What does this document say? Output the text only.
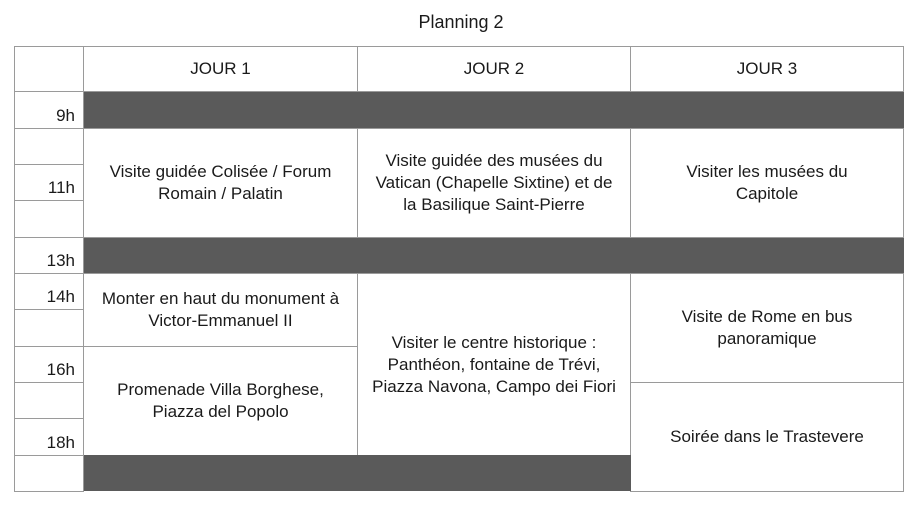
Planning 2
JOUR 1	JOUR 2	JOUR 3
9h
11h
13h
14h
16h
18h
Visite guidée Colisée / Forum Romain / Palatin
Visite guidée des musées du Vatican (Chapelle Sixtine) et de la Basilique Saint-Pierre
Visiter les musées du Capitole
Monter en haut du monument à Victor-Emmanuel II
Promenade Villa Borghese, Piazza del Popolo
Visiter le centre historique : Panthéon, fontaine de Trévi, Piazza Navona, Campo dei Fiori
Visite de Rome en bus panoramique
Soirée dans le Trastevere
